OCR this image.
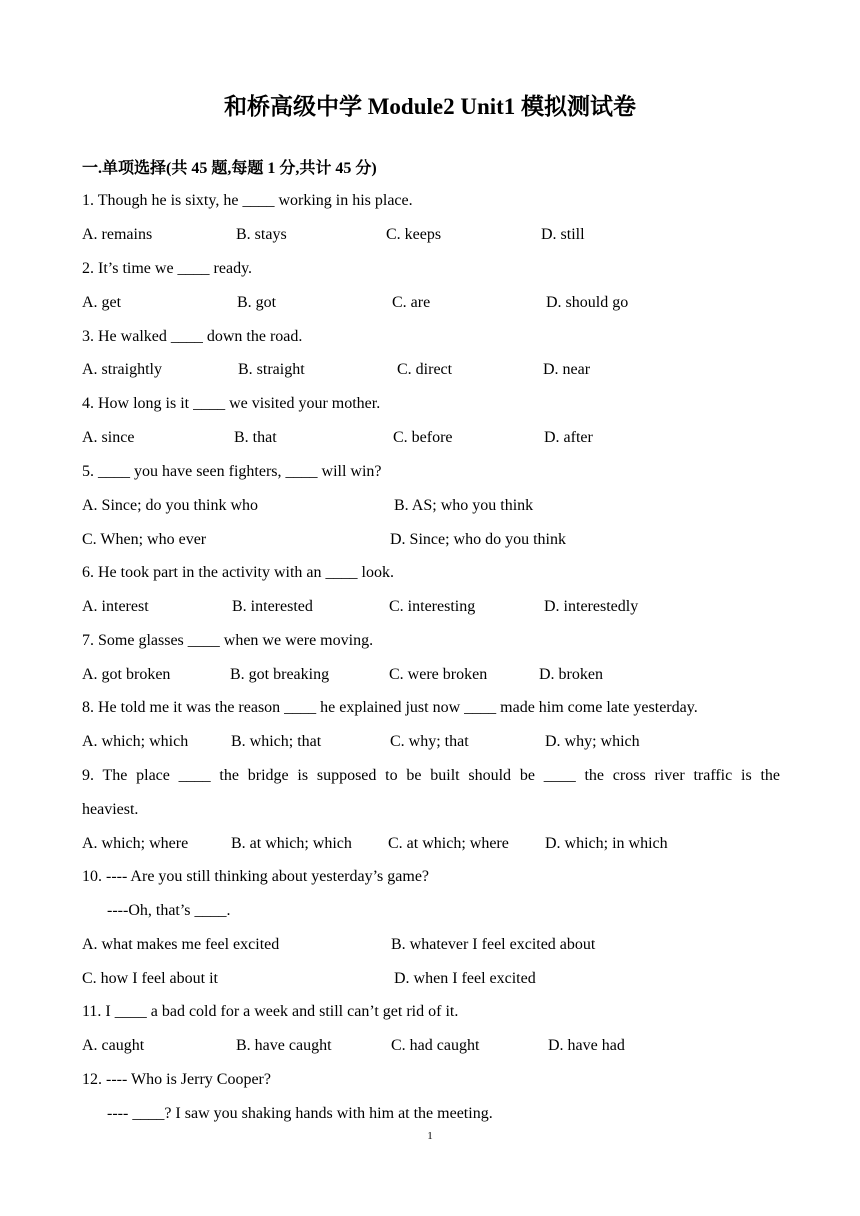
和桥高级中学 Module2 Unit1 模拟测试卷
一.单项选择(共 45 题,每题 1 分,共计 45 分)
1. Though he is sixty, he ____ working in his place.
A. remains	B. stays	C. keeps	D. still
2. It’s time we ____ ready.
A. get	B. got	C. are	D. should go
3. He walked ____ down the road.
A. straightly	B. straight	C. direct	D. near
4. How long is it ____ we visited your mother.
A. since	B. that	C. before	D. after
5. ____ you have seen fighters, ____ will win?
A. Since; do you think who	B. AS; who you think
C. When; who ever	D. Since; who do you think
6. He took part in the activity with an ____ look.
A. interest	B. interested	C. interesting	D. interestedly
7. Some glasses ____ when we were moving.
A. got broken	B. got breaking	C. were broken	D. broken
8. He told me it was the reason ____ he explained just now ____ made him come late yesterday.
A. which; which	B. which; that	C. why; that	D. why; which
9. The place ____ the bridge is supposed to be built should be ____ the cross river traffic is the
heaviest.
A. which; where	B. at which; which C. at which; where D. which; in which
10. ---- Are you still thinking about yesterday’s game?
----Oh, that’s ____.
A. what makes me feel excited	B. whatever I feel excited about
C. how I feel about it	D. when I feel excited
11. I ____ a bad cold for a week and still can’t get rid of it.
A. caught	B. have caught	C. had caught	D. have had
12. ---- Who is Jerry Cooper?
---- ____? I saw you shaking hands with him at the meeting.
1
